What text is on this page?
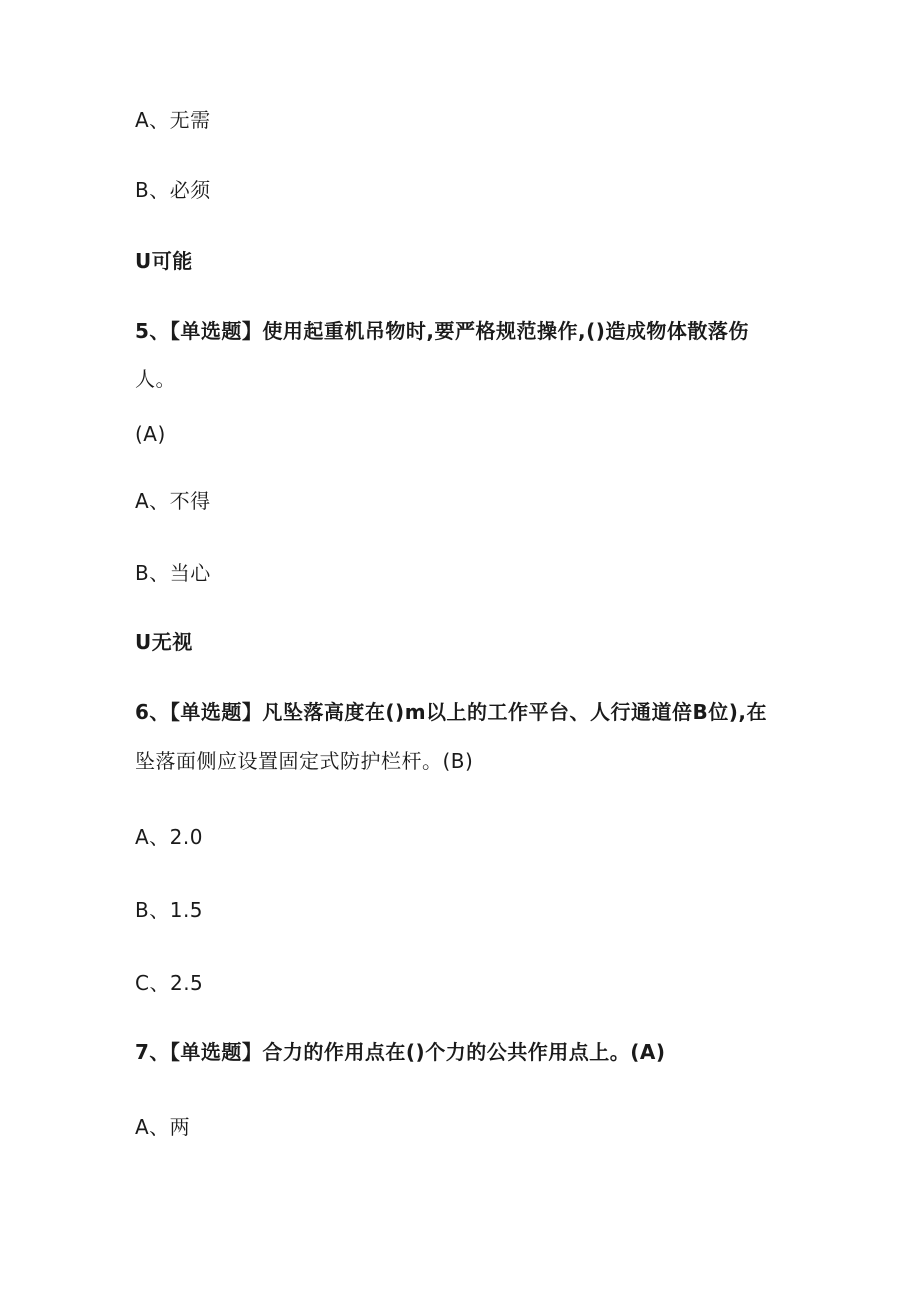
A、无需
B、必须
U可能
5、【单选题】使用起重机吊物时,要严格规范操作,()造成物体散落伤
人。
(A)
A、不得
B、当心
U无视
6、【单选题】凡坠落高度在()m以上的工作平台、人行通道倍B位),在
坠落面侧应设置固定式防护栏杆。(B)
A、2.0
B、1.5
C、2.5
7、【单选题】合力的作用点在()个力的公共作用点上。(A)
A、两
